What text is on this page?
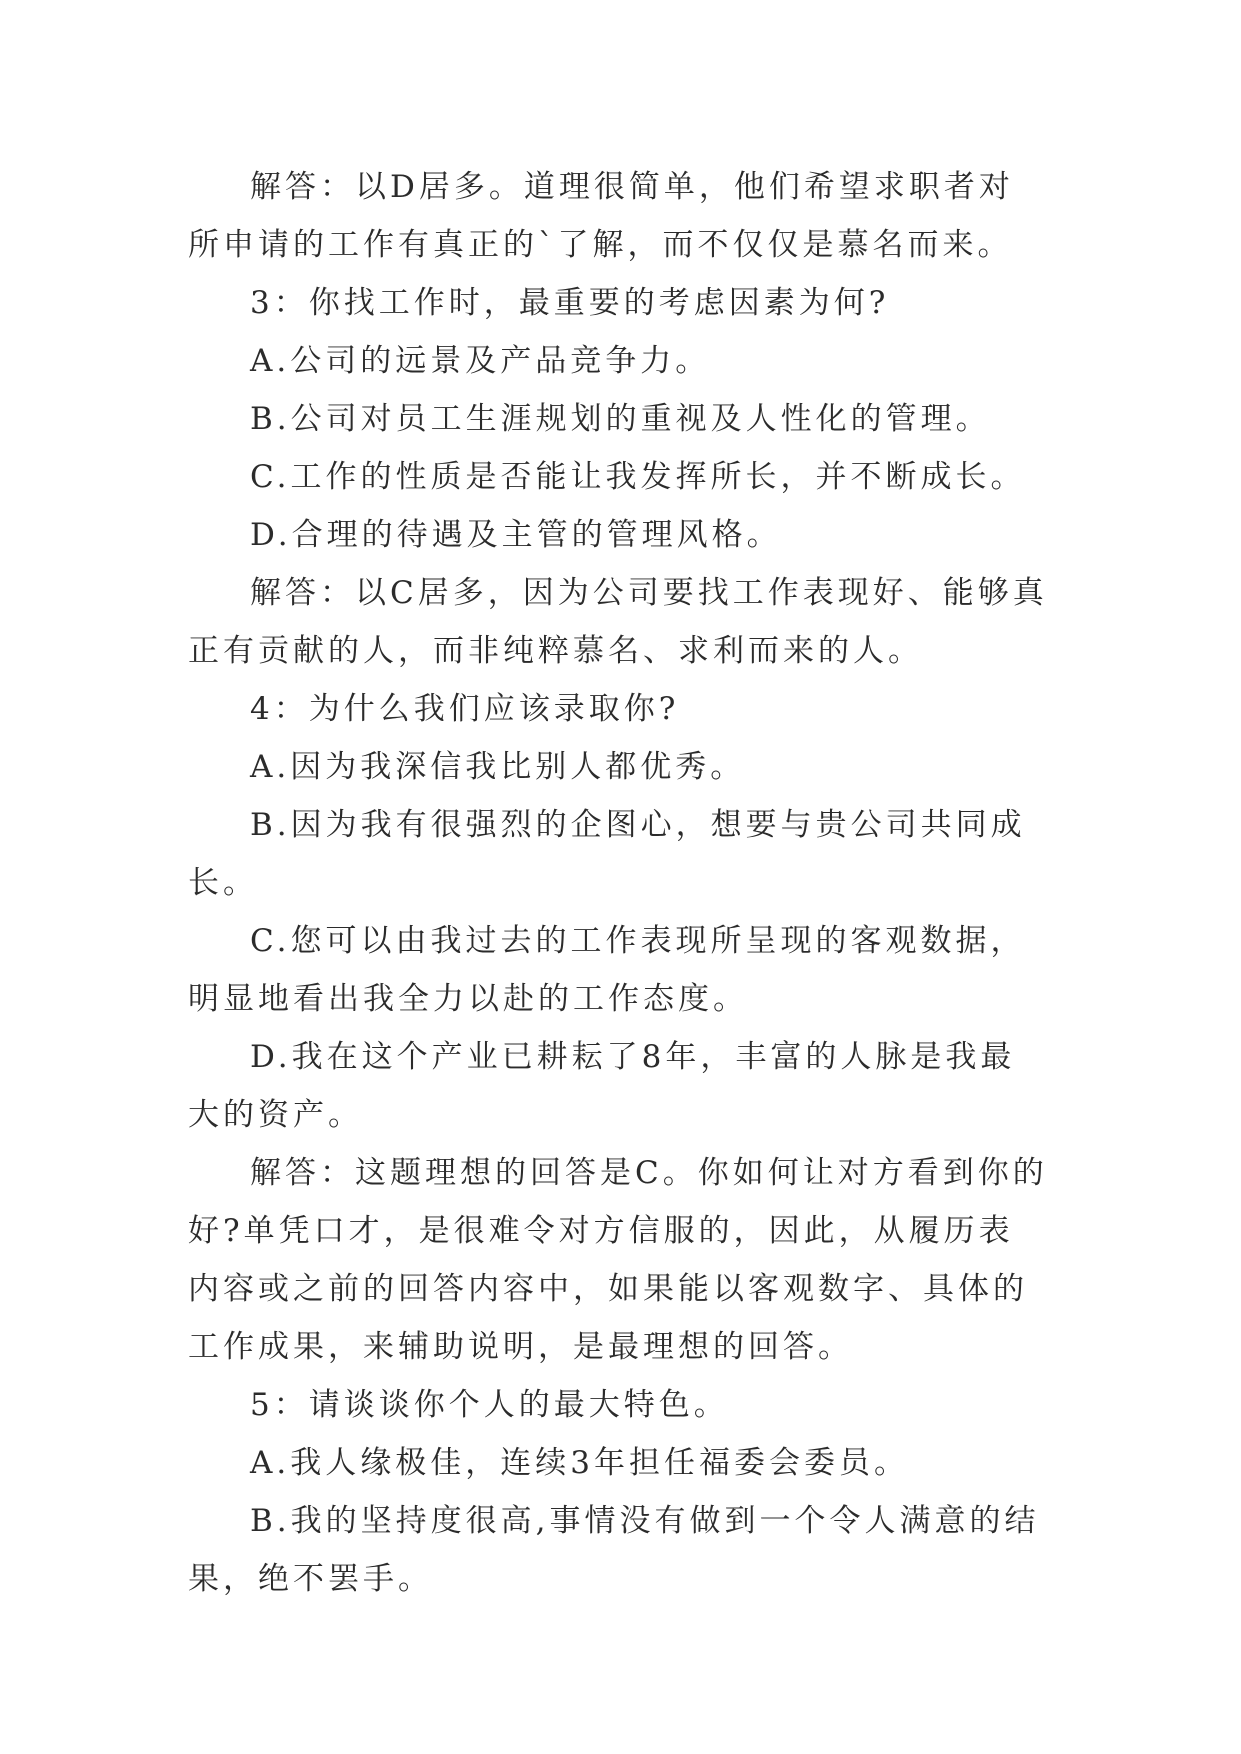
解答：以D居多。道理很简单，他们希望求职者对所申请的工作有真正的`了解，而不仅仅是慕名而来。

3：你找工作时，最重要的考虑因素为何?

A.公司的远景及产品竞争力。

B.公司对员工生涯规划的重视及人性化的管理。

C.工作的性质是否能让我发挥所长，并不断成长。

D.合理的待遇及主管的管理风格。

解答：以C居多，因为公司要找工作表现好、能够真正有贡献的人，而非纯粹慕名、求利而来的人。

4：为什么我们应该录取你?

A.因为我深信我比别人都优秀。

B.因为我有很强烈的企图心，想要与贵公司共同成长。

C.您可以由我过去的工作表现所呈现的客观数据，明显地看出我全力以赴的工作态度。

D.我在这个产业已耕耘了8年，丰富的人脉是我最大的资产。

解答：这题理想的回答是C。你如何让对方看到你的好?单凭口才，是很难令对方信服的，因此，从履历表内容或之前的回答内容中，如果能以客观数字、具体的工作成果，来辅助说明，是最理想的回答。

5：请谈谈你个人的最大特色。

A.我人缘极佳，连续3年担任福委会委员。

B.我的坚持度很高,事情没有做到一个令人满意的结果，绝不罢手。
